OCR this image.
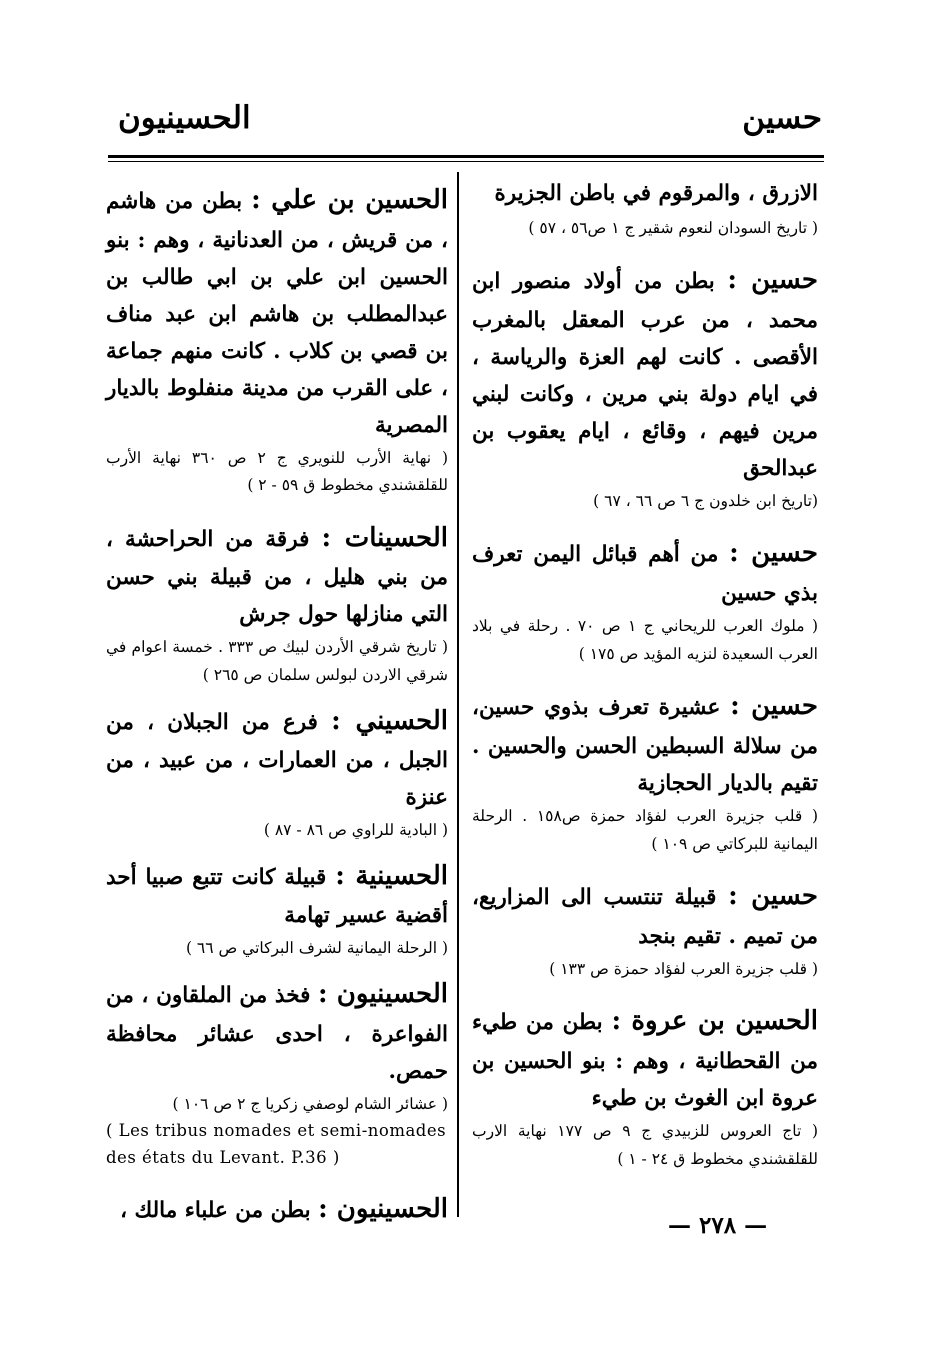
حسين
الحسينيون

الازرق ، والمرقوم في باطن الجزيرة

( تاريخ السودان لنعوم شقير ج ١ ص٥٦ ، ٥٧ )

حسين : بطن من أولاد منصور ابن محمد ، من عرب المعقل بالمغرب الأقصى . كانت لهم العزة والرياسة ، في ايام دولة بني مرين ، وكانت لبني مرين فيهم ، وقائع ، ايام يعقوب بن عبدالحق

(تاريخ ابن خلدون ج ٦ ص ٦٦ ، ٦٧ )

حسين : من أهم قبائل اليمن تعرف بذي حسين

( ملوك العرب للريحاني ج ١ ص ٧٠ . رحلة في بلاد العرب السعيدة لنزيه المؤيد ص ١٧٥ )

حسين : عشيرة تعرف بذوي حسين، من سلالة السبطين الحسن والحسين . تقيم بالديار الحجازية

( قلب جزيرة العرب لفؤاد حمزة ص١٥٨ . الرحلة اليمانية للبركاتي ص ١٠٩ )

حسين : قبيلة تنتسب الى المزاريع، من تميم . تقيم بنجد

( قلب جزيرة العرب لفؤاد حمزة ص ١٣٣ )

الحسين بن عروة : بطن من طيء من القحطانية ، وهم : بنو الحسين بن عروة ابن الغوث بن طيء

( تاج العروس للزبيدي ج ٩ ص ١٧٧ نهاية الارب للقلقشندي مخطوط ق ٢٤ - ١ )

الحسين بن علي : بطن من هاشم ، من قريش ، من العدنانية ، وهم : بنو الحسين ابن علي بن ابي طالب بن عبدالمطلب بن هاشم ابن عبد مناف بن قصي بن كلاب . كانت منهم جماعة ، على القرب من مدينة منفلوط بالديار المصرية

( نهاية الأرب للنويري ج ٢ ص ٣٦٠ نهاية الأرب للقلقشندي مخطوط ق ٥٩ - ٢ )

الحسينات : فرقة من الحراحشة ، من بني هليل ، من قبيلة بني حسن التي منازلها حول جرش

( تاريخ شرقي الأردن لبيك ص ٣٣٣ . خمسة اعوام في شرقي الاردن لبولس سلمان ص ٢٦٥ )

الحسيني : فرع من الجبلان ، من الجبل ، من العمارات ، من عبيد ، من عنزة

( البادية للراوي ص ٨٦ - ٨٧ )

الحسينية : قبيلة كانت تتبع صبيا أحد أقضية عسير تهامة

( الرحلة اليمانية لشرف البركاتي ص ٦٦ )

الحسينيون : فخذ من الملقاون ، من الفواعرة ، احدى عشائر محافظة حمص.

( عشائر الشام لوصفي زكريا ج ٢ ص ١٠٦ )

( Les tribus nomades et semi-nomades des états du Levant. P.36 )

الحسينيون : بطن من علباء مالك ،

— ٢٧٨ —
